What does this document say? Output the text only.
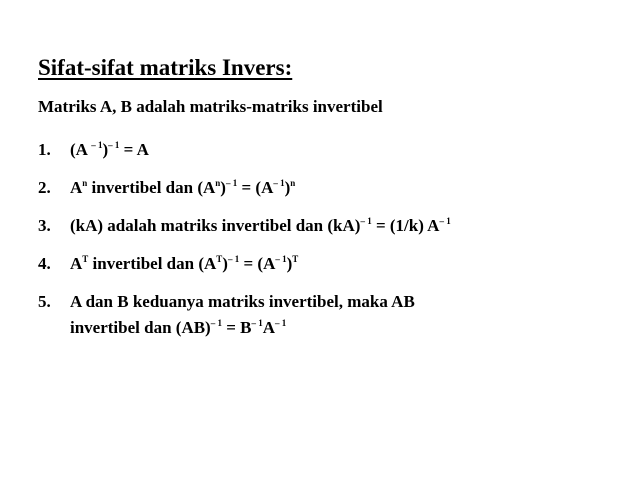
Sifat-sifat matriks Invers:
Matriks A, B adalah matriks-matriks invertibel
1. (A $^{- 1}$)$^{- 1}$ = A
2. $A^n$ invertibel dan $(A^n)^{- 1} = (A^{- 1})^n$
3. (kA) adalah matriks invertibel dan (kA)$^{- 1}$ = (1/k) $A^{- 1}$
4. $A^T$ invertibel dan $(A^T)^{- 1} = (A^{- 1})^T$
5. A dan B keduanya matriks invertibel, maka AB
invertibel dan $(AB)^{- 1} = B^{- 1}A^{- 1}$
